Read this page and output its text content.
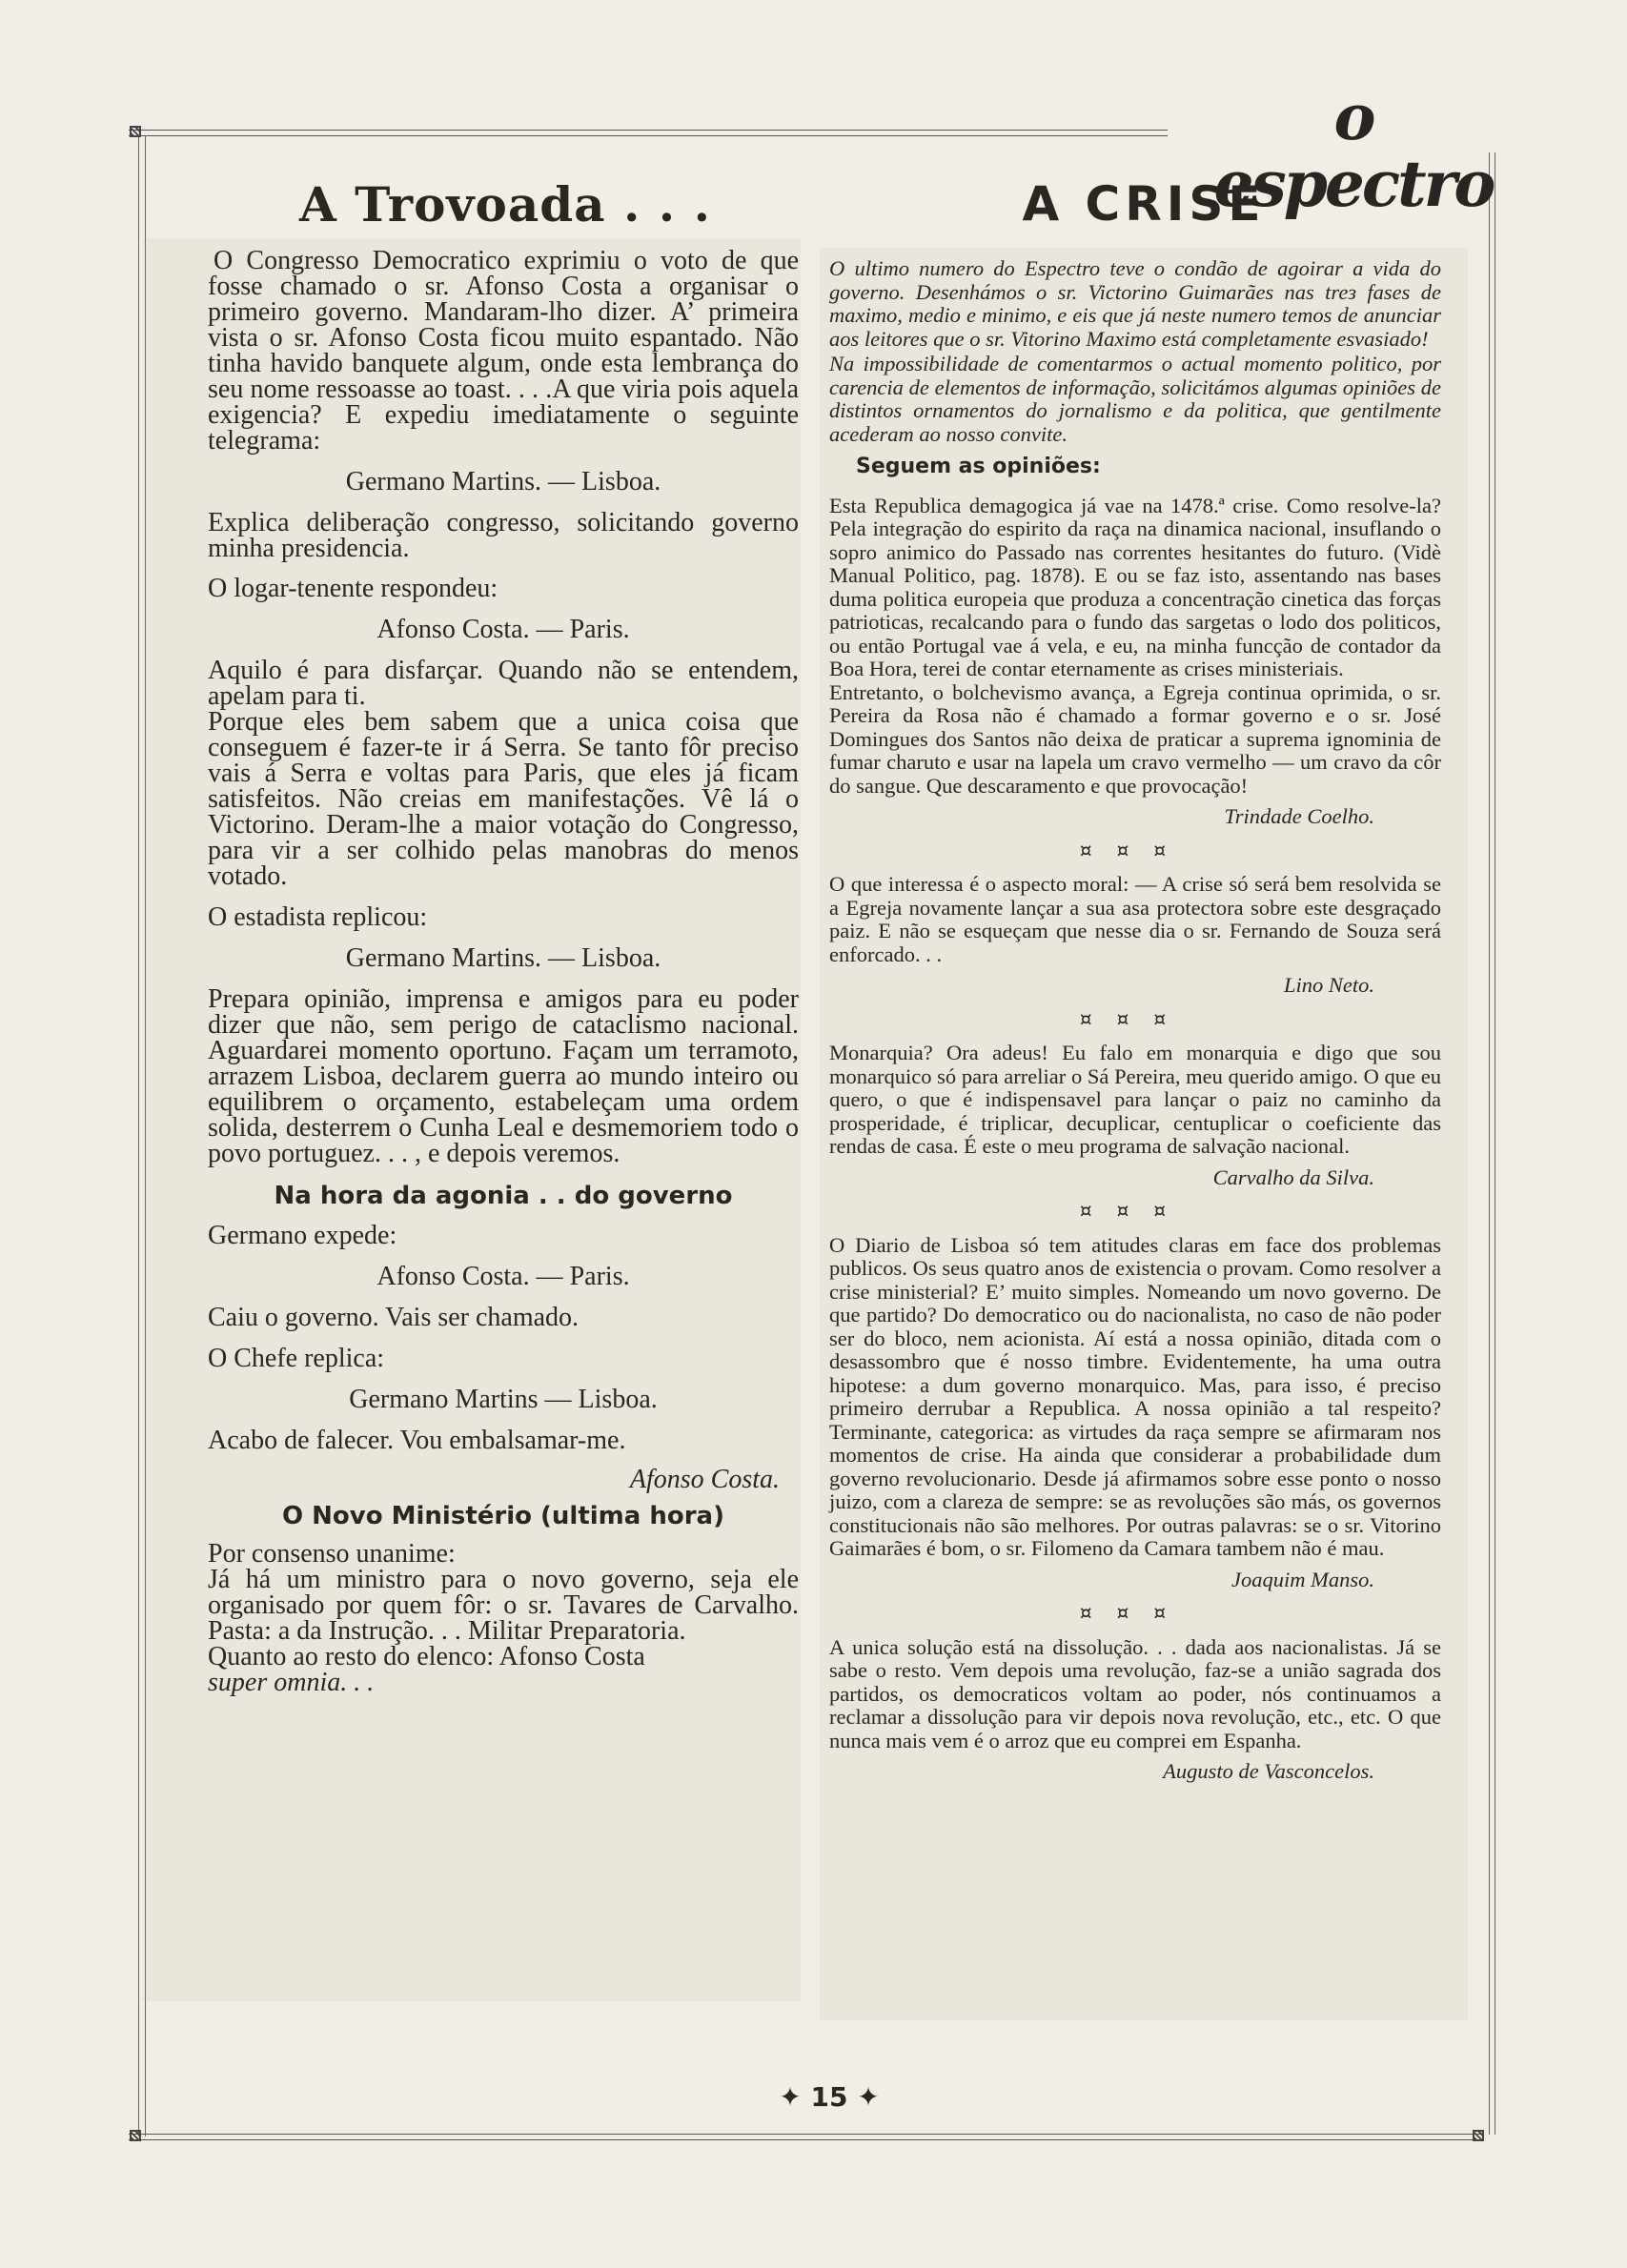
o espectro
A Trovoada . . .	A CRISE

O Congresso Democratico exprimiu o voto de que fosse chamado o sr. Afonso Costa a organisar o primeiro governo. Mandaram-lho dizer. A’ primeira vista o sr. Afonso Costa ficou muito espantado. Não tinha havido banquete algum, onde esta lembrança do seu nome ressoasse ao toast. . . .A que viria pois aquela exigencia? E expediu imediatamente o seguinte telegrama:

Germano Martins. — Lisboa.

Explica deliberação congresso, solicitando governo minha presidencia.

O logar-tenente respondeu:

Afonso Costa. — Paris.

Aquilo é para disfarçar. Quando não se entendem, apelam para ti.

Porque eles bem sabem que a unica coisa que conseguem é fazer-te ir á Serra. Se tanto fôr preciso vais á Serra e voltas para Paris, que eles já ficam satisfeitos. Não creias em manifestações. Vê lá o Victorino. Deram-lhe a maior votação do Congresso, para vir a ser colhido pelas manobras do menos votado.

O estadista replicou:

Germano Martins. — Lisboa.

Prepara opinião, imprensa e amigos para eu poder dizer que não, sem perigo de cataclismo nacional. Aguardarei momento oportuno. Façam um terramoto, arrazem Lisboa, declarem guerra ao mundo inteiro ou equilibrem o orçamento, estabeleçam uma ordem solida, desterrem o Cunha Leal e desmemoriem todo o povo portuguez. . . , e depois veremos.

Na hora da agonia . . do governo

Germano expede:

Afonso Costa. — Paris.

Caiu o governo. Vais ser chamado.

O Chefe replica:

Germano Martins — Lisboa.

Acabo de falecer. Vou embalsamar-me.

Afonso Costa.

O Novo Ministério (ultima hora)

Por consenso unanime:

Já há um ministro para o novo governo, seja ele organisado por quem fôr: o sr. Tavares de Carvalho. Pasta: a da Instrução. . . Militar Preparatoria.

Quanto ao resto do elenco: Afonso Costa

super omnia. . .

O ultimo numero do Espectro teve o condão de agoirar a vida do governo. Desenhámos o sr. Victorino Guimarães nas treз fases de maximo, medio e minimo, e eis que já neste numero temos de anunciar aos leitores que o sr. Vitorino Maximo está completamente esvasiado!

Na impossibilidade de comentarmos o actual momento politico, por carencia de elementos de informação, solicitámos algumas opiniões de distintos ornamentos do jornalismo e da politica, que gentilmente acederam ao nosso convite.

Seguem as opiniões:

Esta Republica demagogica já vae na 1478.ª crise. Como resolve-la? Pela integração do espirito da raça na dinamica nacional, insuflando o sopro animico do Passado nas correntes hesitantes do futuro. (Vidè Manual Politico, pag. 1878). E ou se faz isto, assentando nas bases duma politica europeia que produza a concentração cinetica das forças patrioticas, recalcando para o fundo das sargetas o lodo dos politicos, ou então Portugal vae á vela, e eu, na minha funcção de contador da Boa Hora, terei de contar eternamente as crises ministeriais.

Entretanto, o bolchevismo avança, a Egreja continua oprimida, o sr. Pereira da Rosa não é chamado a formar governo e o sr. José Domingues dos Santos não deixa de praticar a suprema ignominia de fumar charuto e usar na lapela um cravo vermelho — um cravo da côr do sangue. Que descaramento e que provocação!

Trindade Coelho.

¤¤¤

O que interessa é o aspecto moral: — A crise só será bem resolvida se a Egreja novamente lançar a sua asa protectora sobre este desgraçado paiz. E não se esqueçam que nesse dia o sr. Fernando de Souza será enforcado. . .

Lino Neto.

¤¤¤

Monarquia? Ora adeus! Eu falo em monarquia e digo que sou monarquico só para arreliar o Sá Pereira, meu querido amigo. O que eu quero, o que é indispensavel para lançar o paiz no caminho da prosperidade, é triplicar, decuplicar, centuplicar o coeficiente das rendas de casa. É este o meu programa de salvação nacional.

Carvalho da Silva.

¤¤¤

O Diario de Lisboa só tem atitudes claras em face dos problemas publicos. Os seus quatro anos de existencia o provam. Como resolver a crise ministerial? E’ muito simples. Nomeando um novo governo. De que partido? Do democratico ou do nacionalista, no caso de não poder ser do bloco, nem acionista. Aí está a nossa opinião, ditada com o desassombro que é nosso timbre. Evidentemente, ha uma outra hipotese: a dum governo monarquico. Mas, para isso, é preciso primeiro derrubar a Republica. A nossa opinião a tal respeito? Terminante, categorica: as virtudes da raça sempre se afirmaram nos momentos de crise. Ha ainda que considerar a probabilidade dum governo revolucionario. Desde já afirmamos sobre esse ponto o nosso juizo, com a clareza de sempre: se as revoluções são más, os governos constitucionais não são melhores. Por outras palavras: se o sr. Vitorino Gaimarães é bom, o sr. Filomeno da Camara tambem não é mau.

Joaquim Manso.

¤¤¤

A unica solução está na dissolução. . . dada aos nacionalistas. Já se sabe o resto. Vem depois uma revolução, faz-se a união sagrada dos partidos, os democraticos voltam ao poder, nós continuamos a reclamar a dissolução para vir depois nova revolução, etc., etc. O que nunca mais vem é o arroz que eu comprei em Espanha.

Augusto de Vasconcelos.

✦ 15 ✦
